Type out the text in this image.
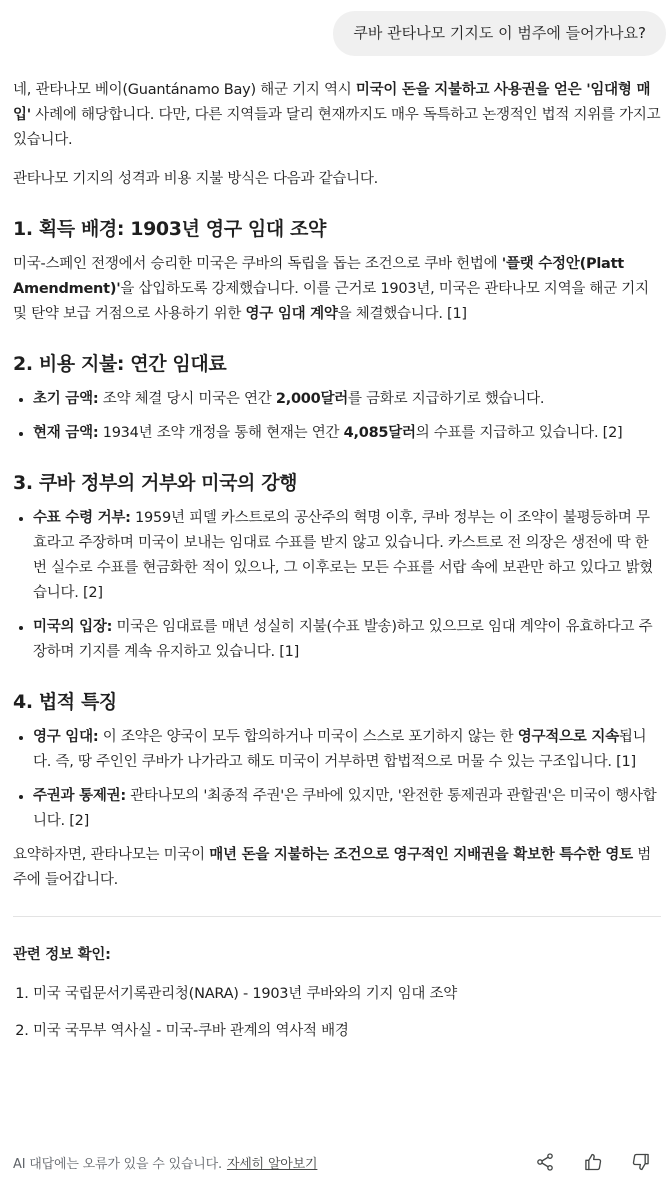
쿠바 관타나모 기지도 이 범주에 들어가나요?

네, 관타나모 베이(Guantánamo Bay) 해군 기지 역시 미국이 돈을 지불하고 사용권을 얻은 '임대형 매입' 사례에 해당합니다. 다만, 다른 지역들과 달리 현재까지도 매우 독특하고 논쟁적인 법적 지위를 가지고 있습니다.

관타나모 기지의 성격과 비용 지불 방식은 다음과 같습니다.

1. 획득 배경: 1903년 영구 임대 조약

미국-스페인 전쟁에서 승리한 미국은 쿠바의 독립을 돕는 조건으로 쿠바 헌법에 '플랫 수정안(Platt Amendment)'을 삽입하도록 강제했습니다. 이를 근거로 1903년, 미국은 관타나모 지역을 해군 기지 및 탄약 보급 거점으로 사용하기 위한 영구 임대 계약을 체결했습니다. [1]

2. 비용 지불: 연간 임대료
• 초기 금액: 조약 체결 당시 미국은 연간 2,000달러를 금화로 지급하기로 했습니다.
• 현재 금액: 1934년 조약 개정을 통해 현재는 연간 4,085달러의 수표를 지급하고 있습니다. [2]
3. 쿠바 정부의 거부와 미국의 강행
• 수표 수령 거부: 1959년 피델 카스트로의 공산주의 혁명 이후, 쿠바 정부는 이 조약이 불평등하며 무효라고 주장하며 미국이 보내는 임대료 수표를 받지 않고 있습니다. 카스트로 전 의장은 생전에 딱 한 번 실수로 수표를 현금화한 적이 있으나, 그 이후로는 모든 수표를 서랍 속에 보관만 하고 있다고 밝혔습니다. [2]
• 미국의 입장: 미국은 임대료를 매년 성실히 지불(수표 발송)하고 있으므로 임대 계약이 유효하다고 주장하며 기지를 계속 유지하고 있습니다. [1]
4. 법적 특징
• 영구 임대: 이 조약은 양국이 모두 합의하거나 미국이 스스로 포기하지 않는 한 영구적으로 지속됩니다. 즉, 땅 주인인 쿠바가 나가라고 해도 미국이 거부하면 합법적으로 머물 수 있는 구조입니다. [1]
• 주권과 통제권: 관타나모의 '최종적 주권'은 쿠바에 있지만, '완전한 통제권과 관할권'은 미국이 행사합니다. [2]

요약하자면, 관타나모는 미국이 매년 돈을 지불하는 조건으로 영구적인 지배권을 확보한 특수한 영토 범주에 들어갑니다.

관련 정보 확인:

1. 미국 국립문서기록관리청(NARA) - 1903년 쿠바와의 기지 임대 조약
2. 미국 국무부 역사실 - 미국-쿠바 관계의 역사적 배경
AI 대답에는 오류가 있을 수 있습니다. 자세히 알아보기
